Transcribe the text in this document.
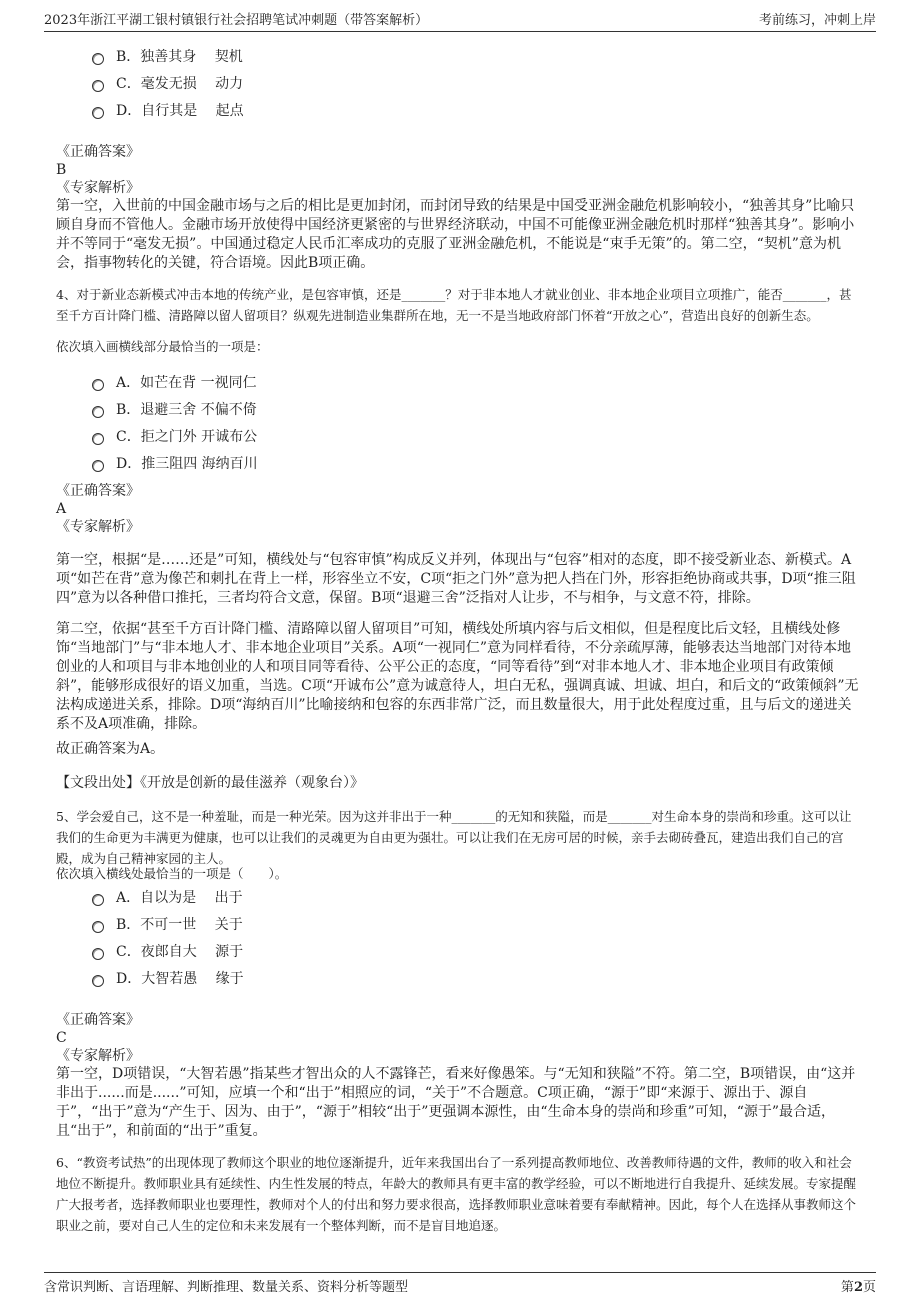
2023年浙江平湖工银村镇银行社会招聘笔试冲刺题（带答案解析）	考前练习，冲刺上岸
B． 独善其身　 契机
C． 毫发无损　 动力
D． 自行其是　 起点
《正确答案》
B
《专家解析》
第一空，入世前的中国金融市场与之后的相比是更加封闭，而封闭导致的结果是中国受亚洲金融危机影响较小，“独善其身”比喻只顾自身而不管他人。金融市场开放使得中国经济更紧密的与世界经济联动，中国不可能像亚洲金融危机时那样“独善其身”。影响小并不等同于“毫发无损”。中国通过稳定人民币汇率成功的克服了亚洲金融危机，不能说是“束手无策”的。第二空，“契机”意为机会，指事物转化的关键，符合语境。因此B项正确。
4、对于新业态新模式冲击本地的传统产业，是包容审慎，还是_______？对于非本地人才就业创业、非本地企业项目立项推广，能否_______，甚至千方百计降门槛、清路障以留人留项目？纵观先进制造业集群所在地，无一不是当地政府部门怀着“开放之心”，营造出良好的创新生态。
依次填入画横线部分最恰当的一项是：
A． 如芒在背 一视同仁
B． 退避三舍 不偏不倚
C． 拒之门外 开诚布公
D． 推三阻四 海纳百川
《正确答案》
A
《专家解析》
第一空，根据“是……还是”可知，横线处与“包容审慎”构成反义并列，体现出与“包容”相对的态度，即不接受新业态、新模式。A项“如芒在背”意为像芒和刺扎在背上一样，形容坐立不安，C项“拒之门外”意为把人挡在门外，形容拒绝协商或共事，D项“推三阻四”意为以各种借口推托，三者均符合文意，保留。B项“退避三舍”泛指对人让步，不与相争，与文意不符，排除。
第二空，依据“甚至千方百计降门槛、清路障以留人留项目”可知，横线处所填内容与后文相似，但是程度比后文轻，且横线处修饰“当地部门”与“非本地人才、非本地企业项目”关系。A项“一视同仁”意为同样看待，不分亲疏厚薄，能够表达当地部门对待本地创业的人和项目与非本地创业的人和项目同等看待、公平公正的态度，“同等看待”到“对非本地人才、非本地企业项目有政策倾斜”，能够形成很好的语义加重，当选。C项“开诚布公”意为诚意待人，坦白无私，强调真诚、坦诚、坦白，和后文的“政策倾斜”无法构成递进关系，排除。D项“海纳百川”比喻接纳和包容的东西非常广泛，而且数量很大，用于此处程度过重，且与后文的递进关系不及A项准确，排除。
故正确答案为A。
【文段出处】《开放是创新的最佳滋养（观象台）》
5、学会爱自己，这不是一种羞耻，而是一种光荣。因为这并非出于一种_______的无知和狭隘，而是_______对生命本身的崇尚和珍重。这可以让我们的生命更为丰满更为健康，也可以让我们的灵魂更为自由更为强壮。可以让我们在无房可居的时候，亲手去砌砖叠瓦，建造出我们自己的宫殿，成为自己精神家园的主人。
依次填入横线处最恰当的一项是（　　）。
A． 自以为是　 出于
B． 不可一世　 关于
C． 夜郎自大　 源于
D． 大智若愚　 缘于
《正确答案》
C
《专家解析》
第一空，D项错误，“大智若愚”指某些才智出众的人不露锋芒，看来好像愚笨。与“无知和狭隘”不符。第二空，B项错误，由“这并非出于......而是......”可知，应填一个和“出于”相照应的词，“关于”不合题意。C项正确，“源于”即“来源于、源出于、源自于”，“出于”意为“产生于、因为、由于”，“源于”相较“出于”更强调本源性，由“生命本身的崇尚和珍重”可知，“源于”最合适，且“出于”，和前面的“出于”重复。
6、“教资考试热”的出现体现了教师这个职业的地位逐渐提升，近年来我国出台了一系列提高教师地位、改善教师待遇的文件，教师的收入和社会地位不断提升。教师职业具有延续性、内生性发展的特点，年龄大的教师具有更丰富的教学经验，可以不断地进行自我提升、延续发展。专家提醒广大报考者，选择教师职业也要理性，教师对个人的付出和努力要求很高，选择教师职业意味着要有奉献精神。因此，每个人在选择从事教师这个职业之前，要对自己人生的定位和未来发展有一个整体判断，而不是盲目地追逐。
含常识判断、言语理解、判断推理、数量关系、资料分析等题型	第2页
